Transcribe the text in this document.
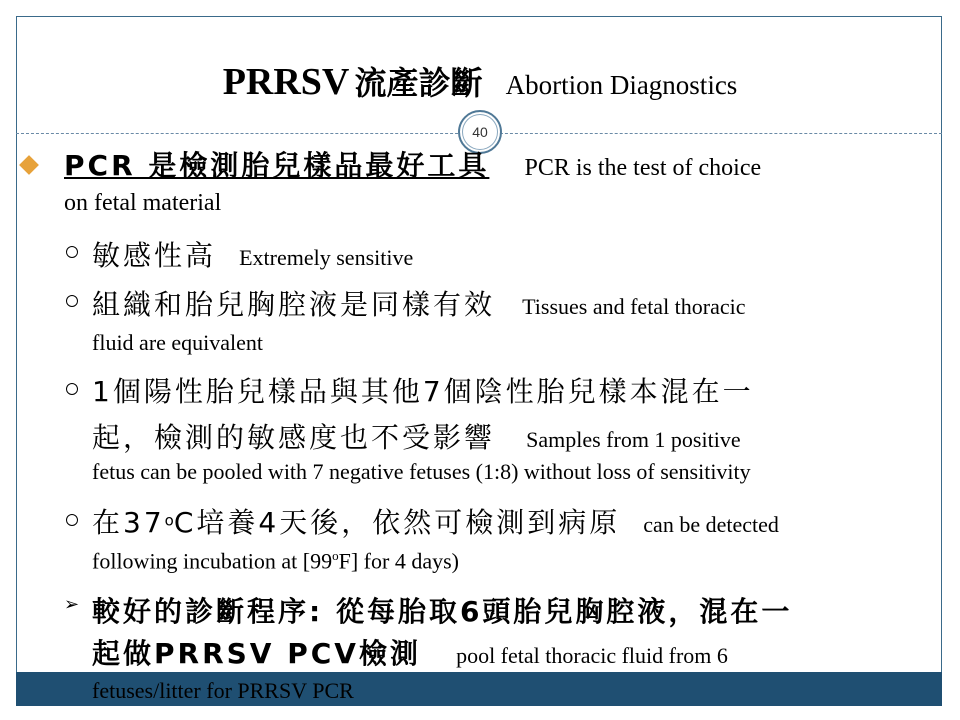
PRRSV 流產診斷 Abortion Diagnostics
40
PCR 是檢測胎兒樣品最好工具 PCR is the test of choice
on fetal material
敏感性高 Extremely sensitive
組織和胎兒胸腔液是同樣有效 Tissues and fetal thoracic
fluid are equivalent
1個陽性胎兒樣品與其他7個陰性胎兒樣本混在一
起，檢測的敏感度也不受影響 Samples from 1 positive
fetus can be pooled with 7 negative fetuses (1:8) without loss of sensitivity
在37$^o$C培養4天後，依然可檢測到病原 can be detected
following incubation at [99$^o$F] for 4 days)
➢ 較好的診斷程序: 從每胎取6頭胎兒胸腔液，混在一
起做PRRSV PCV檢測 pool fetal thoracic fluid from 6
fetuses/litter for PRRSV PCR
